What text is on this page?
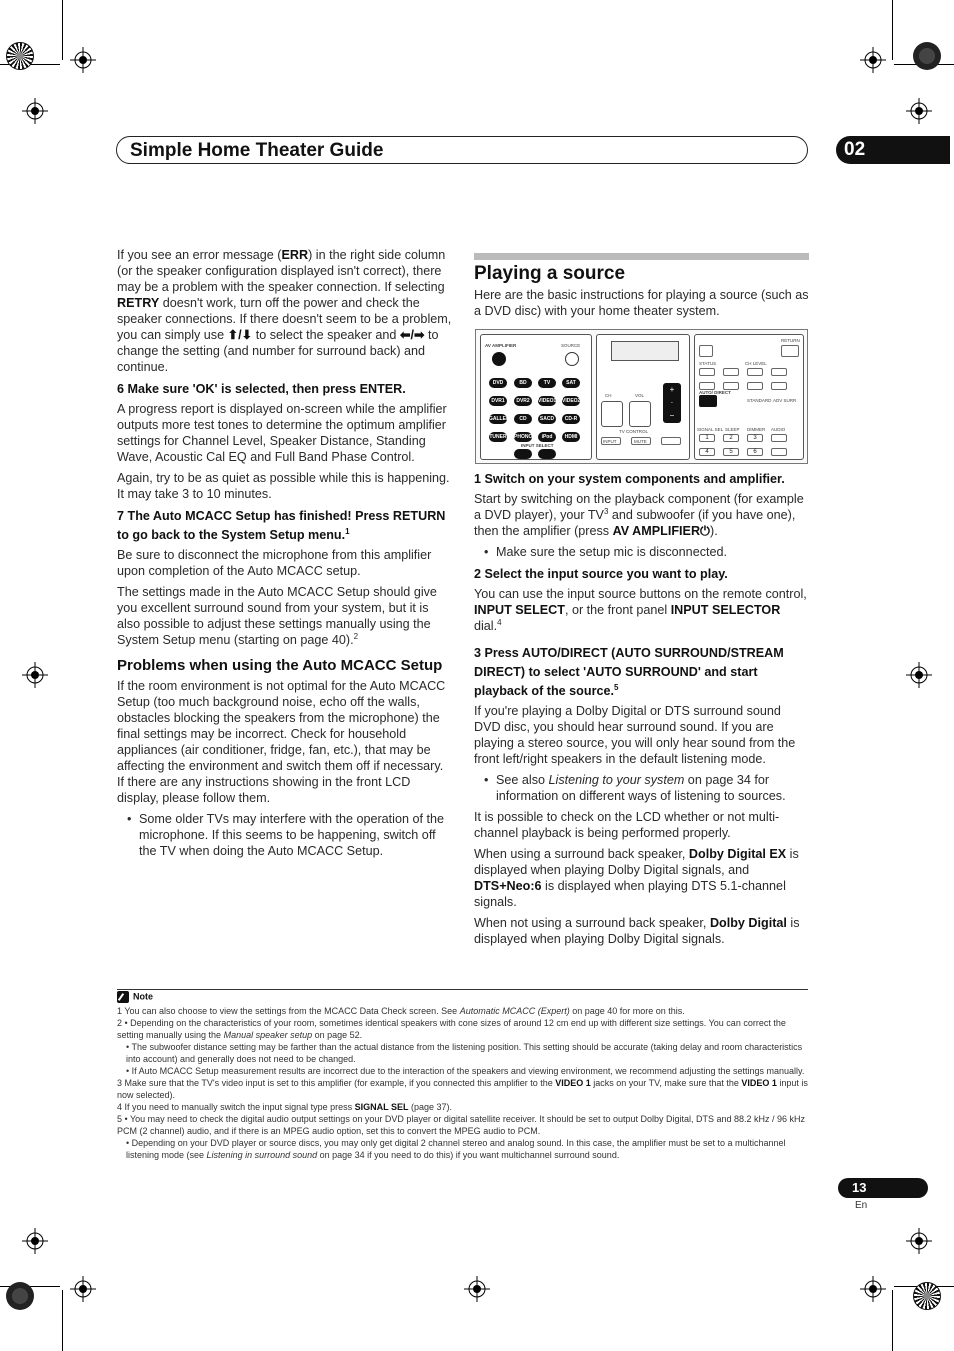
Simple Home Theater Guide	02

If you see an error message (ERR) in the right side column (or the speaker configuration displayed isn't correct), there may be a problem with the speaker connection. If selecting RETRY doesn't work, turn off the power and check the speaker connections. If there doesn't seem to be a problem, you can simply use ⬆/⬇ to select the speaker and ⬅/➡ to change the setting (and number for surround back) and continue.

6 Make sure 'OK' is selected, then press ENTER.

A progress report is displayed on-screen while the amplifier outputs more test tones to determine the optimum amplifier settings for Channel Level, Speaker Distance, Standing Wave, Acoustic Cal EQ and Full Band Phase Control.

Again, try to be as quiet as possible while this is happening. It may take 3 to 10 minutes.

7 The Auto MCACC Setup has finished! Press RETURN to go back to the System Setup menu.$^1$

Be sure to disconnect the microphone from this amplifier upon completion of the Auto MCACC setup.

The settings made in the Auto MCACC Setup should give you excellent surround sound from your system, but it is also possible to adjust these settings manually using the System Setup menu (starting on page 40).$^2$

Problems when using the Auto MCACC Setup

If the room environment is not optimal for the Auto MCACC Setup (too much background noise, echo off the walls, obstacles blocking the speakers from the microphone) the final settings may be incorrect. Check for household appliances (air conditioner, fridge, fan, etc.), that may be affecting the environment and switch them off if necessary. If there are any instructions showing in the front LCD display, please follow them.

• Some older TVs may interfere with the operation of the microphone. If this seems to be happening, switch off the TV when doing the Auto MCACC Setup.
Playing a source

Here are the basic instructions for playing a source (such as a DVD disc) with your home theater system.

AV AMPLIFIER	SOURCE
DVD	BD	TV	SAT
DVR1	DVR2	VIDEO1 VIDEO2
GALLERY	CD	SACD	CD-R
TUNER PHONO	iPod	HDMI
INPUT SELECT
CH	VOL
+
·
−
TV CONTROL
INPUT	MUTE
RETURN
STATUS	CH LEVEL
AUTO/ DIRECT
STANDARD ADV SURR
SIGNAL SEL SLEEP DIMMER AUDIO
1	2	3
4	5	6
1 Switch on your system components and amplifier.

Start by switching on the playback component (for example a DVD player), your $TV^3$ and subwoofer (if you have one), then the amplifier (press AV AMPLIFIER⏻).

• Make sure the setup mic is disconnected.
2 Select the input source you want to play.

You can use the input source buttons on the remote control, INPUT SELECT, or the front panel INPUT SELECTOR dial.$^4$

3 Press AUTO/DIRECT (AUTO SURROUND/STREAM DIRECT) to select 'AUTO SURROUND' and start playback of the source.$^5$

If you're playing a Dolby Digital or DTS surround sound DVD disc, you should hear surround sound. If you are playing a stereo source, you will only hear sound from the front left/right speakers in the default listening mode.

• See also Listening to your system on page 34 for information on different ways of listening to sources.

It is possible to check on the LCD whether or not multi-channel playback is being performed properly.

When using a surround back speaker, Dolby Digital EX is displayed when playing Dolby Digital signals, and DTS+Neo:6 is displayed when playing DTS 5.1-channel signals.

When not using a surround back speaker, Dolby Digital is displayed when playing Dolby Digital signals.

Note

1 You can also choose to view the settings from the MCACC Data Check screen. See Automatic MCACC (Expert) on page 40 for more on this.

2 • Depending on the characteristics of your room, sometimes identical speakers with cone sizes of around 12 cm end up with different size settings. You can correct the setting manually using the Manual speaker setup on page 52.

• The subwoofer distance setting may be farther than the actual distance from the listening position. This setting should be accurate (taking delay and room characteristics into account) and generally does not need to be changed.

• If Auto MCACC Setup measurement results are incorrect due to the interaction of the speakers and viewing environment, we recommend adjusting the settings manually.

3 Make sure that the TV's video input is set to this amplifier (for example, if you connected this amplifier to the VIDEO 1 jacks on your TV, make sure that the VIDEO 1 input is now selected).

4 If you need to manually switch the input signal type press SIGNAL SEL (page 37).

5 • You may need to check the digital audio output settings on your DVD player or digital satellite receiver. It should be set to output Dolby Digital, DTS and 88.2 kHz / 96 kHz PCM (2 channel) audio, and if there is an MPEG audio option, set this to convert the MPEG audio to PCM.

• Depending on your DVD player or source discs, you may only get digital 2 channel stereo and analog sound. In this case, the amplifier must be set to a multichannel listening mode (see Listening in surround sound on page 34 if you need to do this) if you want multichannel surround sound.

13
En
